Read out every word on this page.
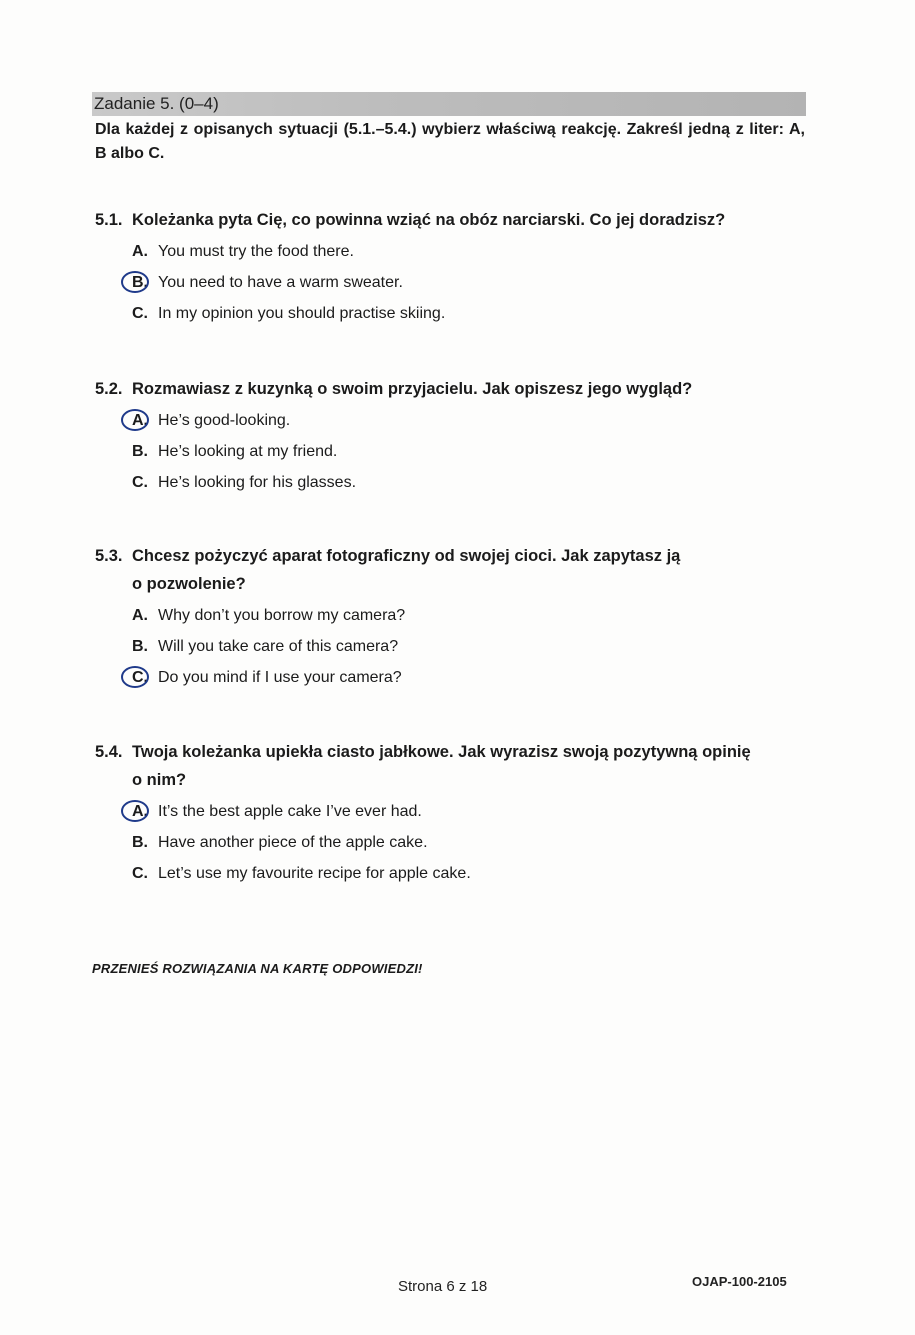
Zadanie 5. (0–4)
Dla każdej z opisanych sytuacji (5.1.–5.4.) wybierz właściwą reakcję. Zakreśl jedną z liter: A, B albo C.
5.1. Koleżanka pyta Cię, co powinna wziąć na obóz narciarski. Co jej doradzisz?
A. You must try the food there.
B. You need to have a warm sweater.
C. In my opinion you should practise skiing.
5.2. Rozmawiasz z kuzynką o swoim przyjacielu. Jak opiszesz jego wygląd?
A. He’s good-looking.
B. He’s looking at my friend.
C. He’s looking for his glasses.
5.3. Chcesz pożyczyć aparat fotograficzny od swojej cioci. Jak zapytasz ją
o pozwolenie?
A. Why don’t you borrow my camera?
B. Will you take care of this camera?
C. Do you mind if I use your camera?
5.4. Twoja koleżanka upiekła ciasto jabłkowe. Jak wyrazisz swoją pozytywną opinię
o nim?
A. It’s the best apple cake I’ve ever had.
B. Have another piece of the apple cake.
C. Let’s use my favourite recipe for apple cake.
PRZENIEŚ ROZWIĄZANIA NA KARTĘ ODPOWIEDZI!
Strona 6 z 18	OJAP-100-2105
